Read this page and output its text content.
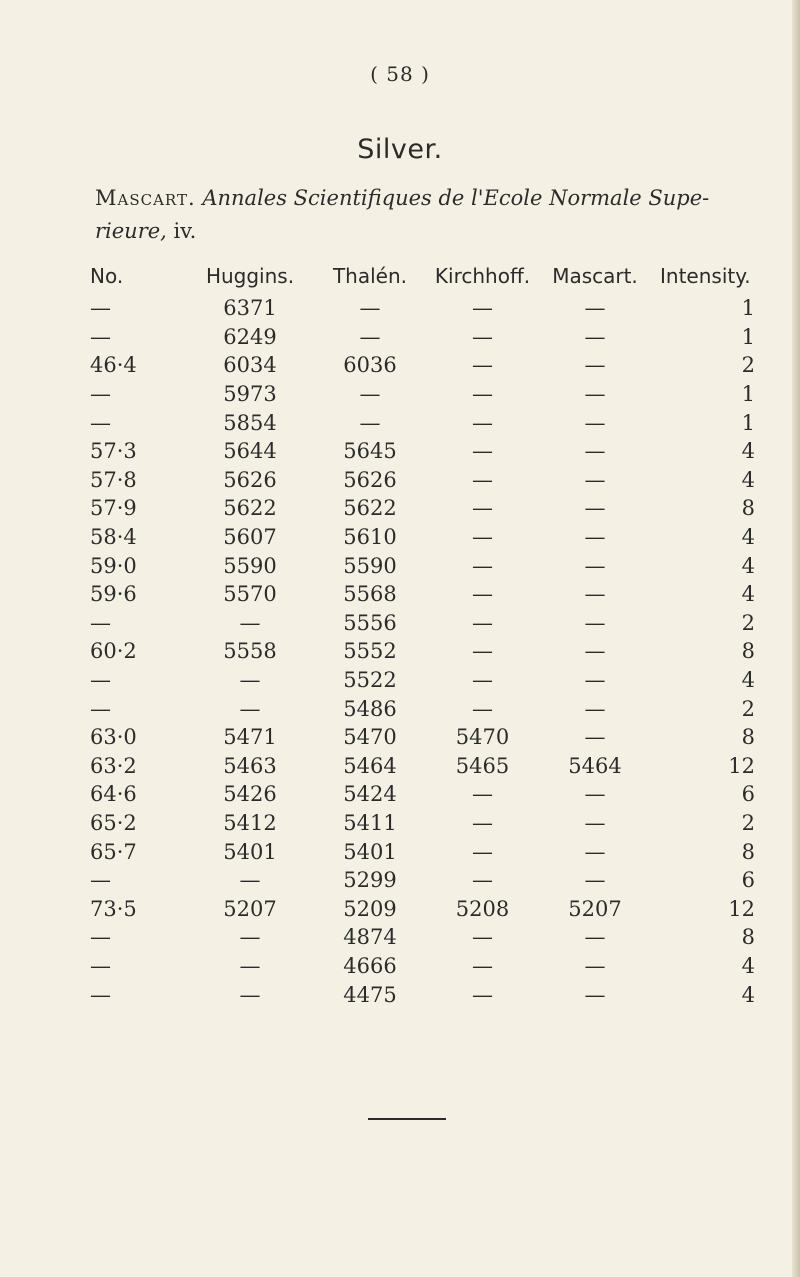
( 58 )
Silver.
Mascart. Annales Scientifiques de l'Ecole Normale Supe-
rieure, iv.
No.	Huggins.	Thalén.	Kirchhoff.	Mascart.	Intensity.
—	6371	—	—	—	1
—	6249	—	—	—	1
46·4	6034	6036	—	—	2
—	5973	—	—	—	1
—	5854	—	—	—	1
57·3	5644	5645	—	—	4
57·8	5626	5626	—	—	4
57·9	5622	5622	—	—	8
58·4	5607	5610	—	—	4
59·0	5590	5590	—	—	4
59·6	5570	5568	—	—	4
—	—	5556	—	—	2
60·2	5558	5552	—	—	8
—	—	5522	—	—	4
—	—	5486	—	—	2
63·0	5471	5470	5470	—	8
63·2	5463	5464	5465	5464	12
64·6	5426	5424	—	—	6
65·2	5412	5411	—	—	2
65·7	5401	5401	—	—	8
—	—	5299	—	—	6
73·5	5207	5209	5208	5207	12
—	—	4874	—	—	8
—	—	4666	—	—	4
—	—	4475	—	—	4
